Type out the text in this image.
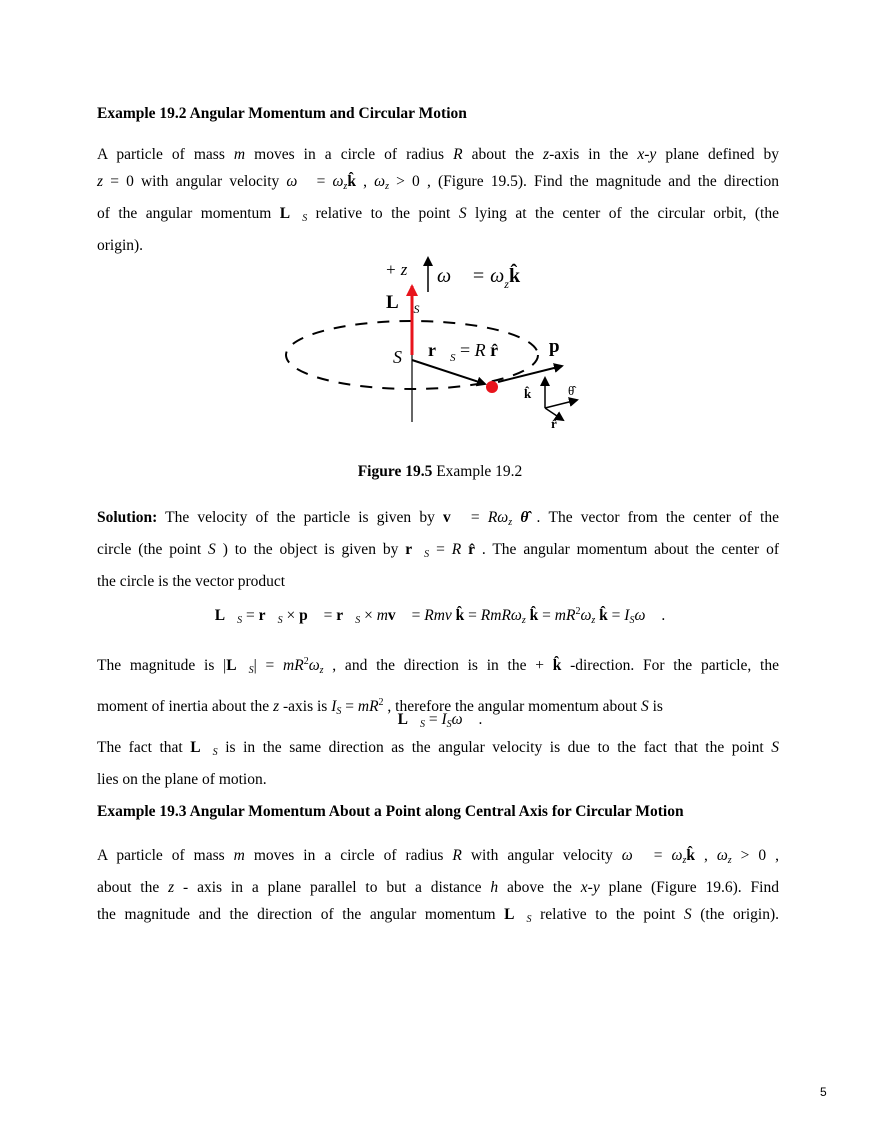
Example 19.2 Angular Momentum and Circular Motion
A particle of mass m moves in a circle of radius R about the z-axis in the x-y plane defined by
z = 0 with angular velocity ω⃗ = $\omega_zk̂$ , $\omega_z > 0$ , (Figure 19.5). Find the magnitude and the direction
of the angular momentum $L⃗_S$ relative to the point S lying at the center of the circular orbit, (the
origin).
+ z ω⃗ = $\omega_zk̂$
$L⃗_S$
S $r⃗_S = R$ r̂	p⃗
k̂	θ̂
r̂
Figure 19.5 Example 19.2
Solution: The velocity of the particle is given by v⃗ = $R\omega_z$ θ̂ . The vector from the center of the
circle (the point S ) to the object is given by $r⃗_S = R$ r̂ . The angular momentum about the center of
the circle is the vector product
$L⃗_S$ = $r⃗_S$ × p⃗ = $r⃗_S$ × mv⃗ = Rmv k̂ = RmRω$_z$ k̂ = $mR^2\omega_z$ k̂ = $I_S\omega⃗$ .
The magnitude is $|L⃗_S| = mR^2\omega_z$ , and the direction is in the + k̂ -direction. For the particle, the
moment of inertia about the z -axis is $I_S = mR^2$ , therefore the angular momentum about S is
$L⃗_S$ = $I_S\omega⃗$ .
The fact that $L⃗_S$ is in the same direction as the angular velocity is due to the fact that the point S
lies on the plane of motion.
Example 19.3 Angular Momentum About a Point along Central Axis for Circular Motion
A particle of mass m moves in a circle of radius R with angular velocity ω⃗ = $\omega_zk̂$ , $\omega_z > 0$ ,
about the z - axis in a plane parallel to but a distance h above the x-y plane (Figure 19.6). Find
the magnitude and the direction of the angular momentum $L⃗_S$ relative to the point S (the origin).
5
